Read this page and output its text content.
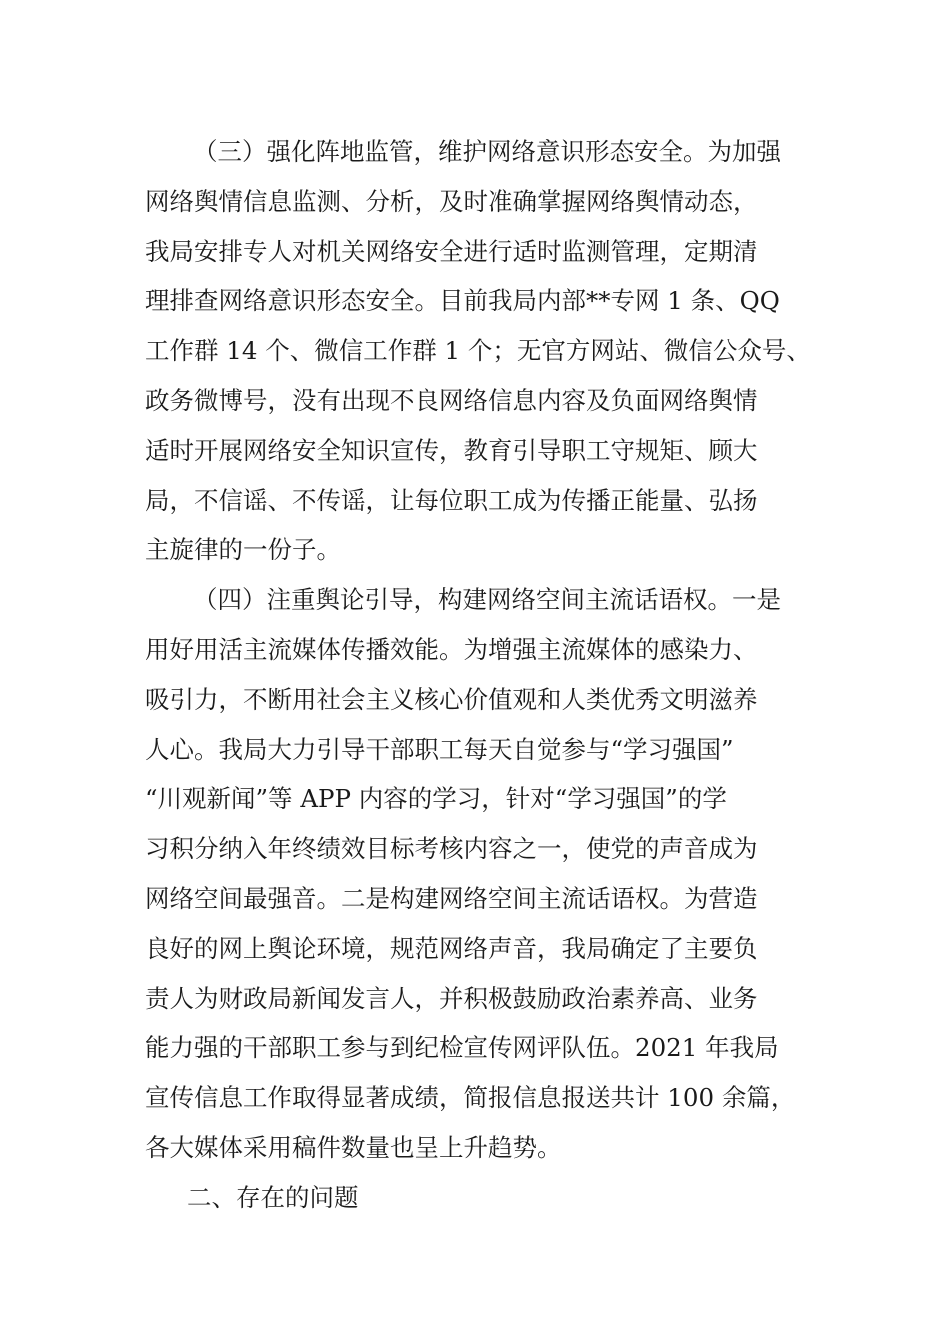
（三）强化阵地监管，维护网络意识形态安全。为加强
网络舆情信息监测、分析，及时准确掌握网络舆情动态，
我局安排专人对机关网络安全进行适时监测管理，定期清
理排查网络意识形态安全。目前我局内部**专网 1 条、QQ
工作群 14 个、微信工作群 1 个；无官方网站、微信公众号、
政务微博号，没有出现不良网络信息内容及负面网络舆情
适时开展网络安全知识宣传，教育引导职工守规矩、顾大
局，不信谣、不传谣，让每位职工成为传播正能量、弘扬
主旋律的一份子。
（四）注重舆论引导，构建网络空间主流话语权。一是
用好用活主流媒体传播效能。为增强主流媒体的感染力、
吸引力，不断用社会主义核心价值观和人类优秀文明滋养
人心。我局大力引导干部职工每天自觉参与“学习强国”
“川观新闻”等 APP 内容的学习，针对“学习强国”的学
习积分纳入年终绩效目标考核内容之一，使党的声音成为
网络空间最强音。二是构建网络空间主流话语权。为营造
良好的网上舆论环境，规范网络声音，我局确定了主要负
责人为财政局新闻发言人，并积极鼓励政治素养高、业务
能力强的干部职工参与到纪检宣传网评队伍。2021 年我局
宣传信息工作取得显著成绩，简报信息报送共计 100 余篇，
各大媒体采用稿件数量也呈上升趋势。
二、存在的问题
